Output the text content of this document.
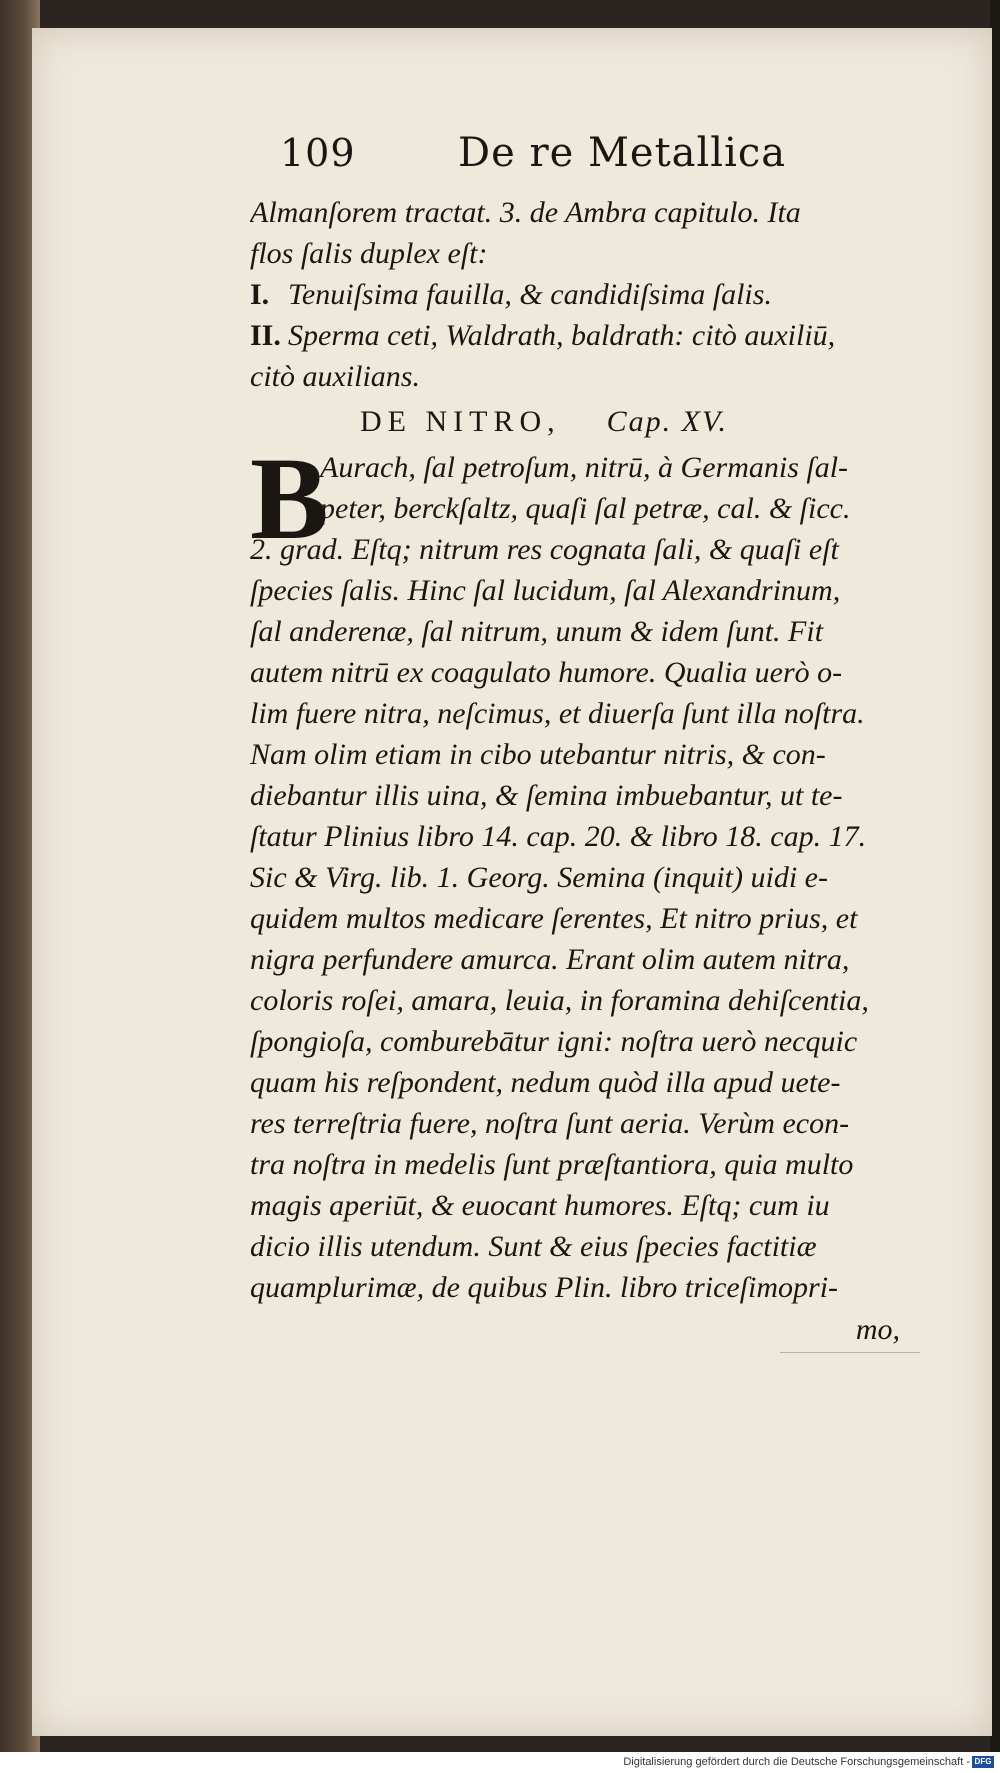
109	De re Metallica
Almanſorem tractat. 3. de Ambra capitulo. Ita
flos ſalis duplex eſt:
I. Tenuiſsima fauilla, & candidiſsima ſalis.
II. Sperma ceti, Waldrath, baldrath: citò auxiliū,
citò auxilians.
DE NITRO, Cap. XV.
B
Aurach, ſal petroſum, nitrū, à Germanis ſal-
peter, berckſaltz, quaſi ſal petræ, cal. & ſicc.
2. grad. Eſtq; nitrum res cognata ſali, & quaſi eſt
ſpecies ſalis. Hinc ſal lucidum, ſal Alexandrinum,
ſal anderenæ, ſal nitrum, unum & idem ſunt. Fit
autem nitrū ex coagulato humore. Qualia uerò o-
lim fuere nitra, neſcimus, et diuerſa ſunt illa noſtra.
Nam olim etiam in cibo utebantur nitris, & con-
diebantur illis uina, & ſemina imbuebantur, ut te-
ſtatur Plinius libro 14. cap. 20. & libro 18. cap. 17.
Sic & Virg. lib. 1. Georg. Semina (inquit) uidi e-
quidem multos medicare ſerentes, Et nitro prius, et
nigra perfundere amurca. Erant olim autem nitra,
coloris roſei, amara, leuia, in foramina dehiſcentia,
ſpongioſa, comburebātur igni: noſtra uerò necquic
quam his reſpondent, nedum quòd illa apud uete-
res terreſtria fuere, noſtra ſunt aeria. Verùm econ-
tra noſtra in medelis ſunt præſtantiora, quia multo
magis aperiūt, & euocant humores. Eſtq; cum iu
dicio illis utendum. Sunt & eius ſpecies factitiæ
quamplurimæ, de quibus Plin. libro triceſimopri-
mo,
Digitalisierung gefördert durch die Deutsche Forschungsgemeinschaft - DFG
